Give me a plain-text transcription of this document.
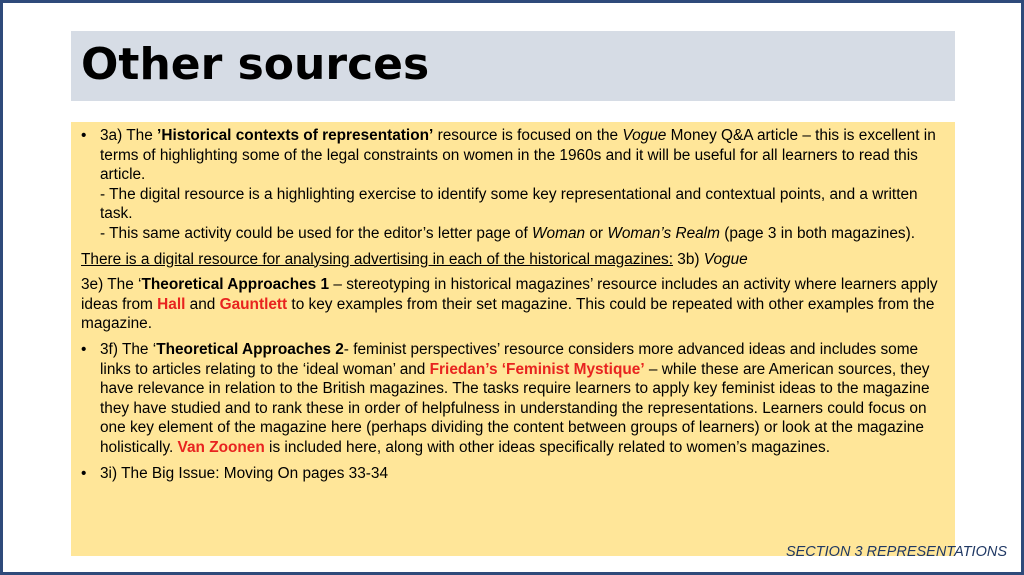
Other sources
• 3a) The ’Historical contexts of representation’ resource is focused on the Vogue Money Q&A article – this is excellent in terms of highlighting some of the legal constraints on women in the 1960s and it will be useful for all learners to read this article.
- The digital resource is a highlighting exercise to identify some key representational and contextual points, and a written task.
- This same activity could be used for the editor’s letter page of Woman or Woman’s Realm (page 3 in both magazines).

There is a digital resource for analysing advertising in each of the historical magazines: 3b) Vogue

3e) The ‘Theoretical Approaches 1 – stereotyping in historical magazines’ resource includes an activity where learners apply ideas from Hall and Gauntlett to key examples from their set magazine. This could be repeated with other examples from the magazine.

• 3f) The ‘Theoretical Approaches 2- feminist perspectives’ resource considers more advanced ideas and includes some links to articles relating to the ‘ideal woman’ and Friedan’s ‘Feminist Mystique’ – while these are American sources, they have relevance in relation to the British magazines. The tasks require learners to apply key feminist ideas to the magazine they have studied and to rank these in order of helpfulness in understanding the representations. Learners could focus on one key element of the magazine here (perhaps dividing the content between groups of learners) or look at the magazine holistically. Van Zoonen is included here, along with other ideas specifically related to women’s magazines.
• 3i) The Big Issue: Moving On pages 33-34
SECTION 3 REPRESENTATIONS
